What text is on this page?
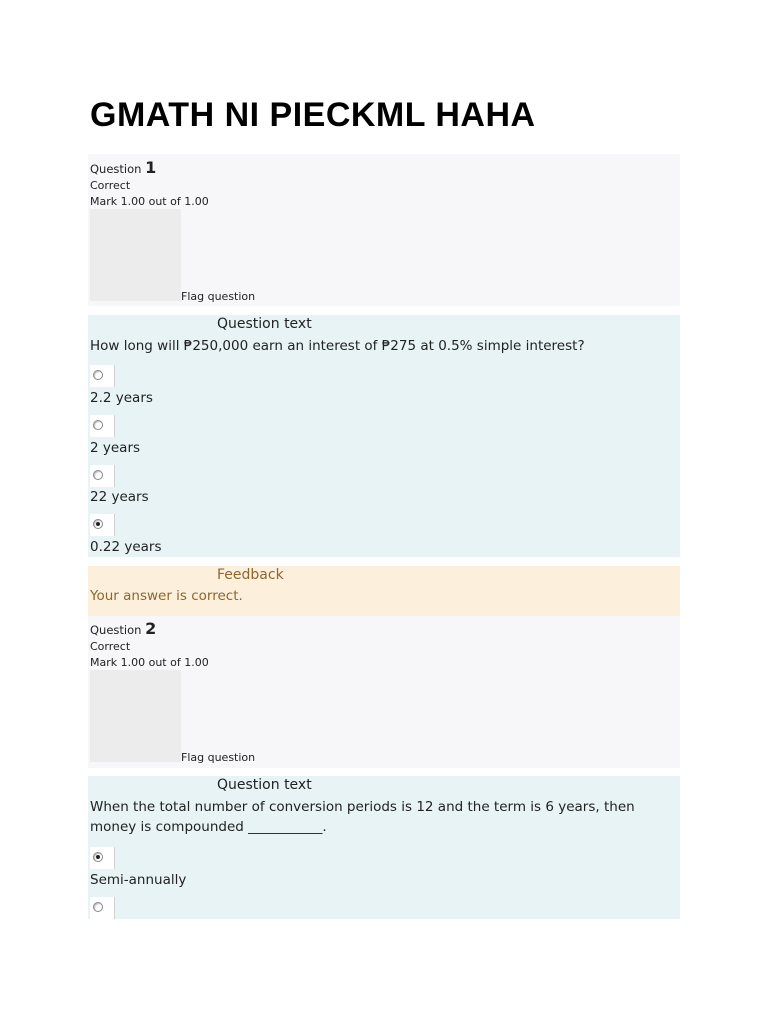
GMATH NI PIECKML HAHA
Question 1
Correct
Mark 1.00 out of 1.00
Flag question
Question text

How long will ₱250,000 earn an interest of ₱275 at 0.5% simple interest?

2.2 years
2 years
22 years
0.22 years
Feedback
Your answer is correct.
Question 2
Correct
Mark 1.00 out of 1.00
Flag question
Question text

When the total number of conversion periods is 12 and the term is 6 years, then money is compounded ___________.

Semi-annually
